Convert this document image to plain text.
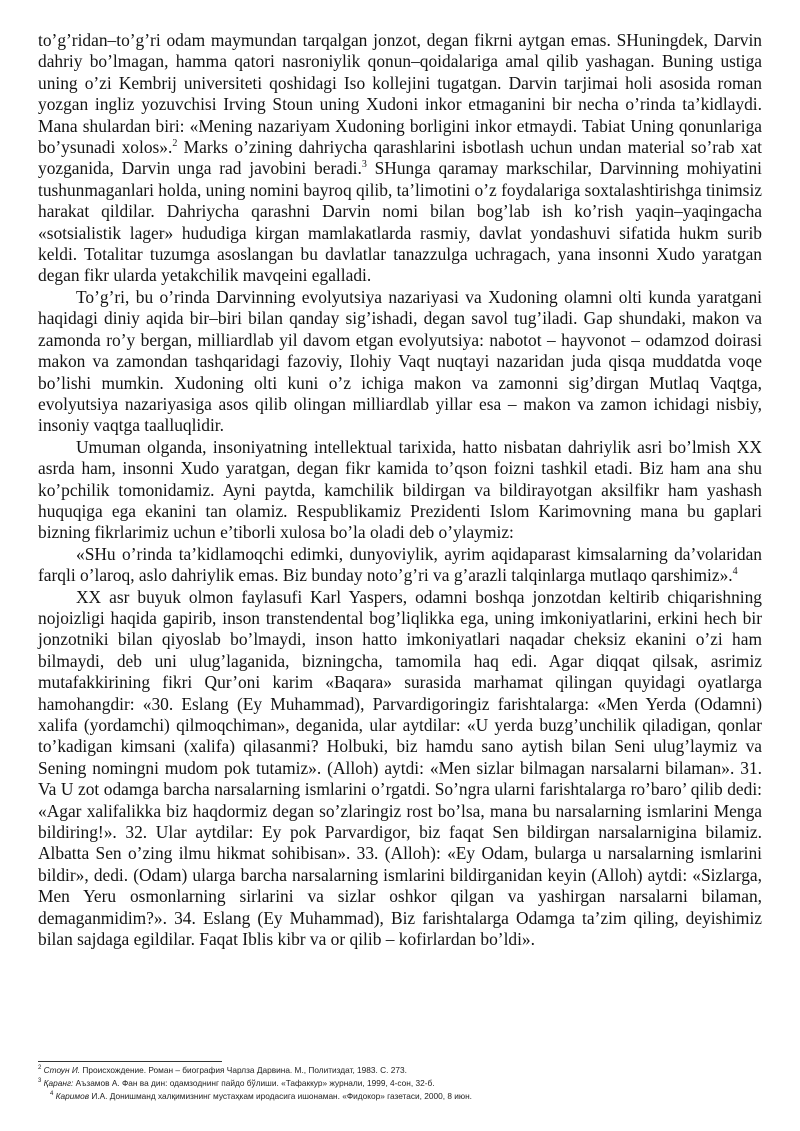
to’g’ridan–to’g’ri odam maymundan tarqalgan jonzot, degan fikrni aytgan emas. SHuningdek, Darvin dahriy bo’lmagan, hamma qatori nasroniylik qonun–qoidalariga amal qilib yashagan. Buning ustiga uning o’zi Kembrij universiteti qoshidagi Iso kollejini tugatgan. Darvin tarjimai holi asosida roman yozgan ingliz yozuvchisi Irving Stoun uning Xudoni inkor etmaganini bir necha o’rinda ta’kidlaydi. Mana shulardan biri: «Mening nazariyam Xudoning borligini inkor etmaydi. Tabiat Uning qonunlariga bo’ysunadi xolos».$^2$ Marks o’zining dahriycha qarashlarini isbotlash uchun undan material so’rab xat yozganida, Darvin unga rad javobini beradi.$^3$ SHunga qaramay markschilar, Darvinning mohiyatini tushunmaganlari holda, uning nomini bayroq qilib, ta’limotini o’z foydalariga soxtalashtirishga tinimsiz harakat qildilar. Dahriycha qarashni Darvin nomi bilan bog’lab ish ko’rish yaqin–yaqingacha «sotsialistik lager» hududiga kirgan mamlakatlarda rasmiy, davlat yondashuvi sifatida hukm surib keldi. Totalitar tuzumga asoslangan bu davlatlar tanazzulga uchragach, yana insonni Xudo yaratgan degan fikr ularda yetakchilik mavqeini egalladi.

To’g’ri, bu o’rinda Darvinning evolyutsiya nazariyasi va Xudoning olamni olti kunda yaratgani haqidagi diniy aqida bir–biri bilan qanday sig’ishadi, degan savol tug’iladi. Gap shundaki, makon va zamonda ro’y bergan, milliardlab yil davom etgan evolyutsiya: nabotot – hayvonot – odamzod doirasi makon va zamondan tashqaridagi fazoviy, Ilohiy Vaqt nuqtayi nazaridan juda qisqa muddatda voqe bo’lishi mumkin. Xudoning olti kuni o’z ichiga makon va zamonni sig’dirgan Mutlaq Vaqtga, evolyutsiya nazariyasiga asos qilib olingan milliardlab yillar esa – makon va zamon ichidagi nisbiy, insoniy vaqtga taalluqlidir.

Umuman olganda, insoniyatning intellektual tarixida, hatto nisbatan dahriylik asri bo’lmish XX asrda ham, insonni Xudo yaratgan, degan fikr kamida to’qson foizni tashkil etadi. Biz ham ana shu ko’pchilik tomonidamiz. Ayni paytda, kamchilik bildirgan va bildirayotgan aksilfikr ham yashash huquqiga ega ekanini tan olamiz. Respublikamiz Prezidenti Islom Karimovning mana bu gaplari bizning fikrlarimiz uchun e’tiborli xulosa bo’la oladi deb o’ylaymiz:

«SHu o’rinda ta’kidlamoqchi edimki, dunyoviylik, ayrim aqidaparast kimsalarning da’volaridan farqli o’laroq, aslo dahriylik emas. Biz bunday noto’g’ri va g’arazli talqinlarga mutlaqo qarshimiz».$^4$

XX asr buyuk olmon faylasufi Karl Yaspers, odamni boshqa jonzotdan keltirib chiqarishning nojoizligi haqida gapirib, inson transtendental bog’liqlikka ega, uning imkoniyatlarini, erkini hech bir jonzotniki bilan qiyoslab bo’lmaydi, inson hatto imkoniyatlari naqadar cheksiz ekanini o’zi ham bilmaydi, deb uni ulug’laganida, bizningcha, tamomila haq edi. Agar diqqat qilsak, asrimiz mutafakkirining fikri Qur’oni karim «Baqara» surasida marhamat qilingan quyidagi oyatlarga hamohangdir: «30. Eslang (Ey Muhammad), Parvardigoringiz farishtalarga: «Men Yerda (Odamni) xalifa (yordamchi) qilmoqchiman», deganida, ular aytdilar: «U yerda buzg’unchilik qiladigan, qonlar to’kadigan kimsani (xalifa) qilasanmi? Holbuki, biz hamdu sano aytish bilan Seni ulug’laymiz va Sening nomingni mudom pok tutamiz». (Alloh) aytdi: «Men sizlar bilmagan narsalarni bilaman». 31. Va U zot odamga barcha narsalarning ismlarini o’rgatdi. So’ngra ularni farishtalarga ro’baro’ qilib dedi: «Agar xalifalikka biz haqdormiz degan so’zlaringiz rost bo’lsa, mana bu narsalarning ismlarini Menga bildiring!». 32. Ular aytdilar: Ey pok Parvardigor, biz faqat Sen bildirgan narsalarnigina bilamiz. Albatta Sen o’zing ilmu hikmat sohibisan». 33. (Alloh): «Ey Odam, bularga u narsalarning ismlarini bildir», dedi. (Odam) ularga barcha narsalarning ismlarini bildirganidan keyin (Alloh) aytdi: «Sizlarga, Men Yeru osmonlarning sirlarini va sizlar oshkor qilgan va yashirgan narsalarni bilaman, demaganmidim?». 34. Eslang (Ey Muhammad), Biz farishtalarga Odamga ta’zim qiling, deyishimiz bilan sajdaga egildilar. Faqat Iblis kibr va or qilib – kofirlardan bo’ldi».

$^2$ Стоун И. Происхождение. Роман – биография Чарлза Дарвина. М., Политиздат, 1983. С. 273.
$^3$ Қаранг: Аъзамов А. Фан ва дин: одамзоднинг пайдо бўлиши. «Тафаккур» журнали, 1999, 4-сон, 32-б.
$^4$ Каримов И.А. Донишманд халқимизнинг мустаҳкам иродасига ишонаман. «Фидокор» газетаси, 2000, 8 июн.
